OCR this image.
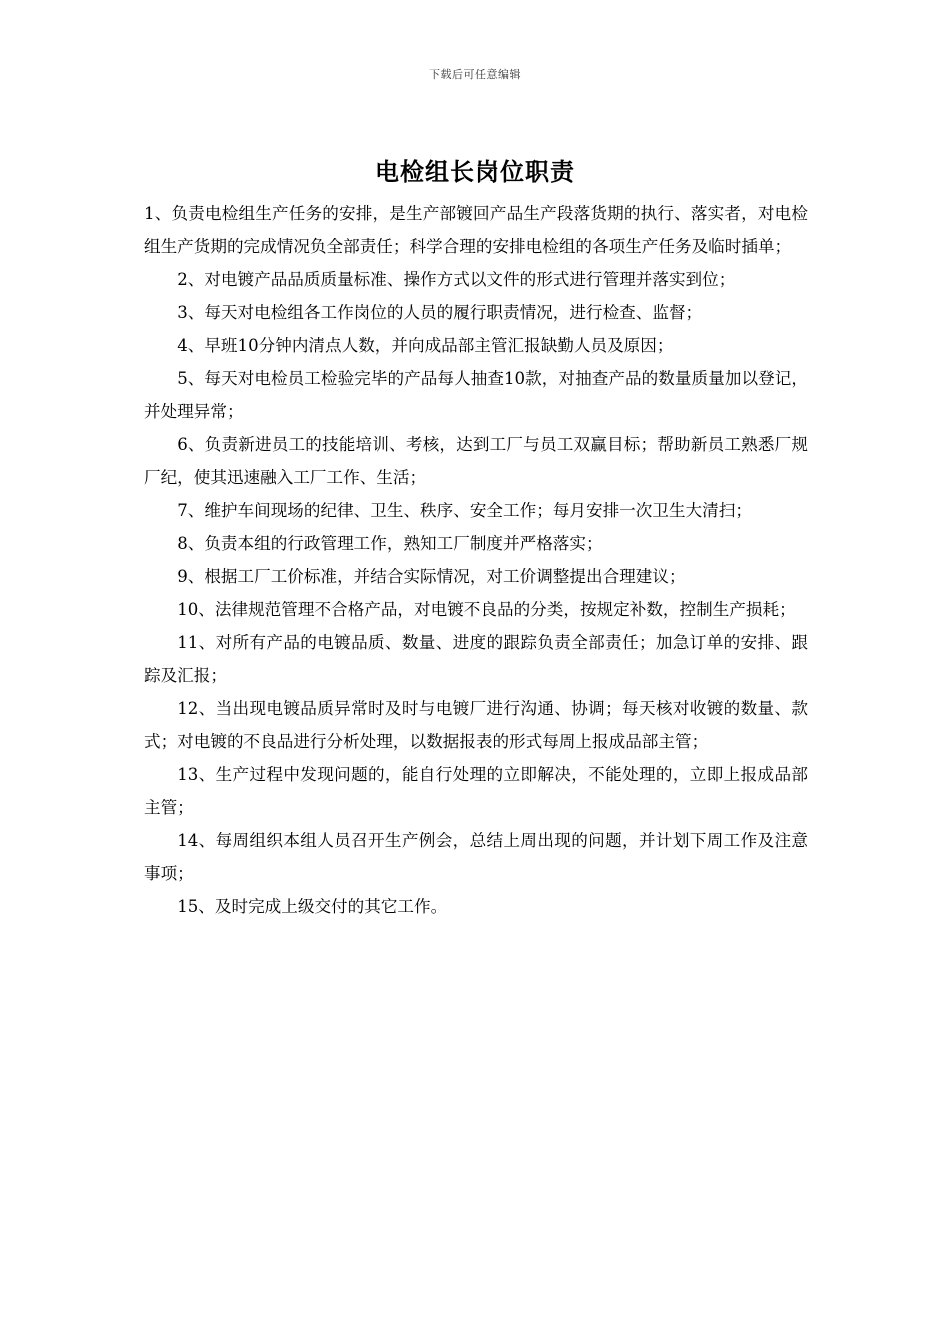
下载后可任意编辑
电检组长岗位职责

1、负责电检组生产任务的安排，是生产部镀回产品生产段落货期的执行、落实者，对电检组生产货期的完成情况负全部责任；科学合理的安排电检组的各项生产任务及临时插单；

2、对电镀产品品质质量标准、操作方式以文件的形式进行管理并落实到位；

3、每天对电检组各工作岗位的人员的履行职责情况，进行检查、监督；

4、早班10分钟内清点人数，并向成品部主管汇报缺勤人员及原因；

5、每天对电检员工检验完毕的产品每人抽查10款，对抽查产品的数量质量加以登记，并处理异常；

6、负责新进员工的技能培训、考核，达到工厂与员工双赢目标；帮助新员工熟悉厂规厂纪，使其迅速融入工厂工作、生活；

7、维护车间现场的纪律、卫生、秩序、安全工作；每月安排一次卫生大清扫；

8、负责本组的行政管理工作，熟知工厂制度并严格落实；

9、根据工厂工价标准，并结合实际情况，对工价调整提出合理建议；

10、法律规范管理不合格产品，对电镀不良品的分类，按规定补数，控制生产损耗；

11、对所有产品的电镀品质、数量、进度的跟踪负责全部责任；加急订单的安排、跟踪及汇报；

12、当出现电镀品质异常时及时与电镀厂进行沟通、协调；每天核对收镀的数量、款式；对电镀的不良品进行分析处理，以数据报表的形式每周上报成品部主管；

13、生产过程中发现问题的，能自行处理的立即解决，不能处理的，立即上报成品部主管；

14、每周组织本组人员召开生产例会，总结上周出现的问题，并计划下周工作及注意事项；

15、及时完成上级交付的其它工作。
